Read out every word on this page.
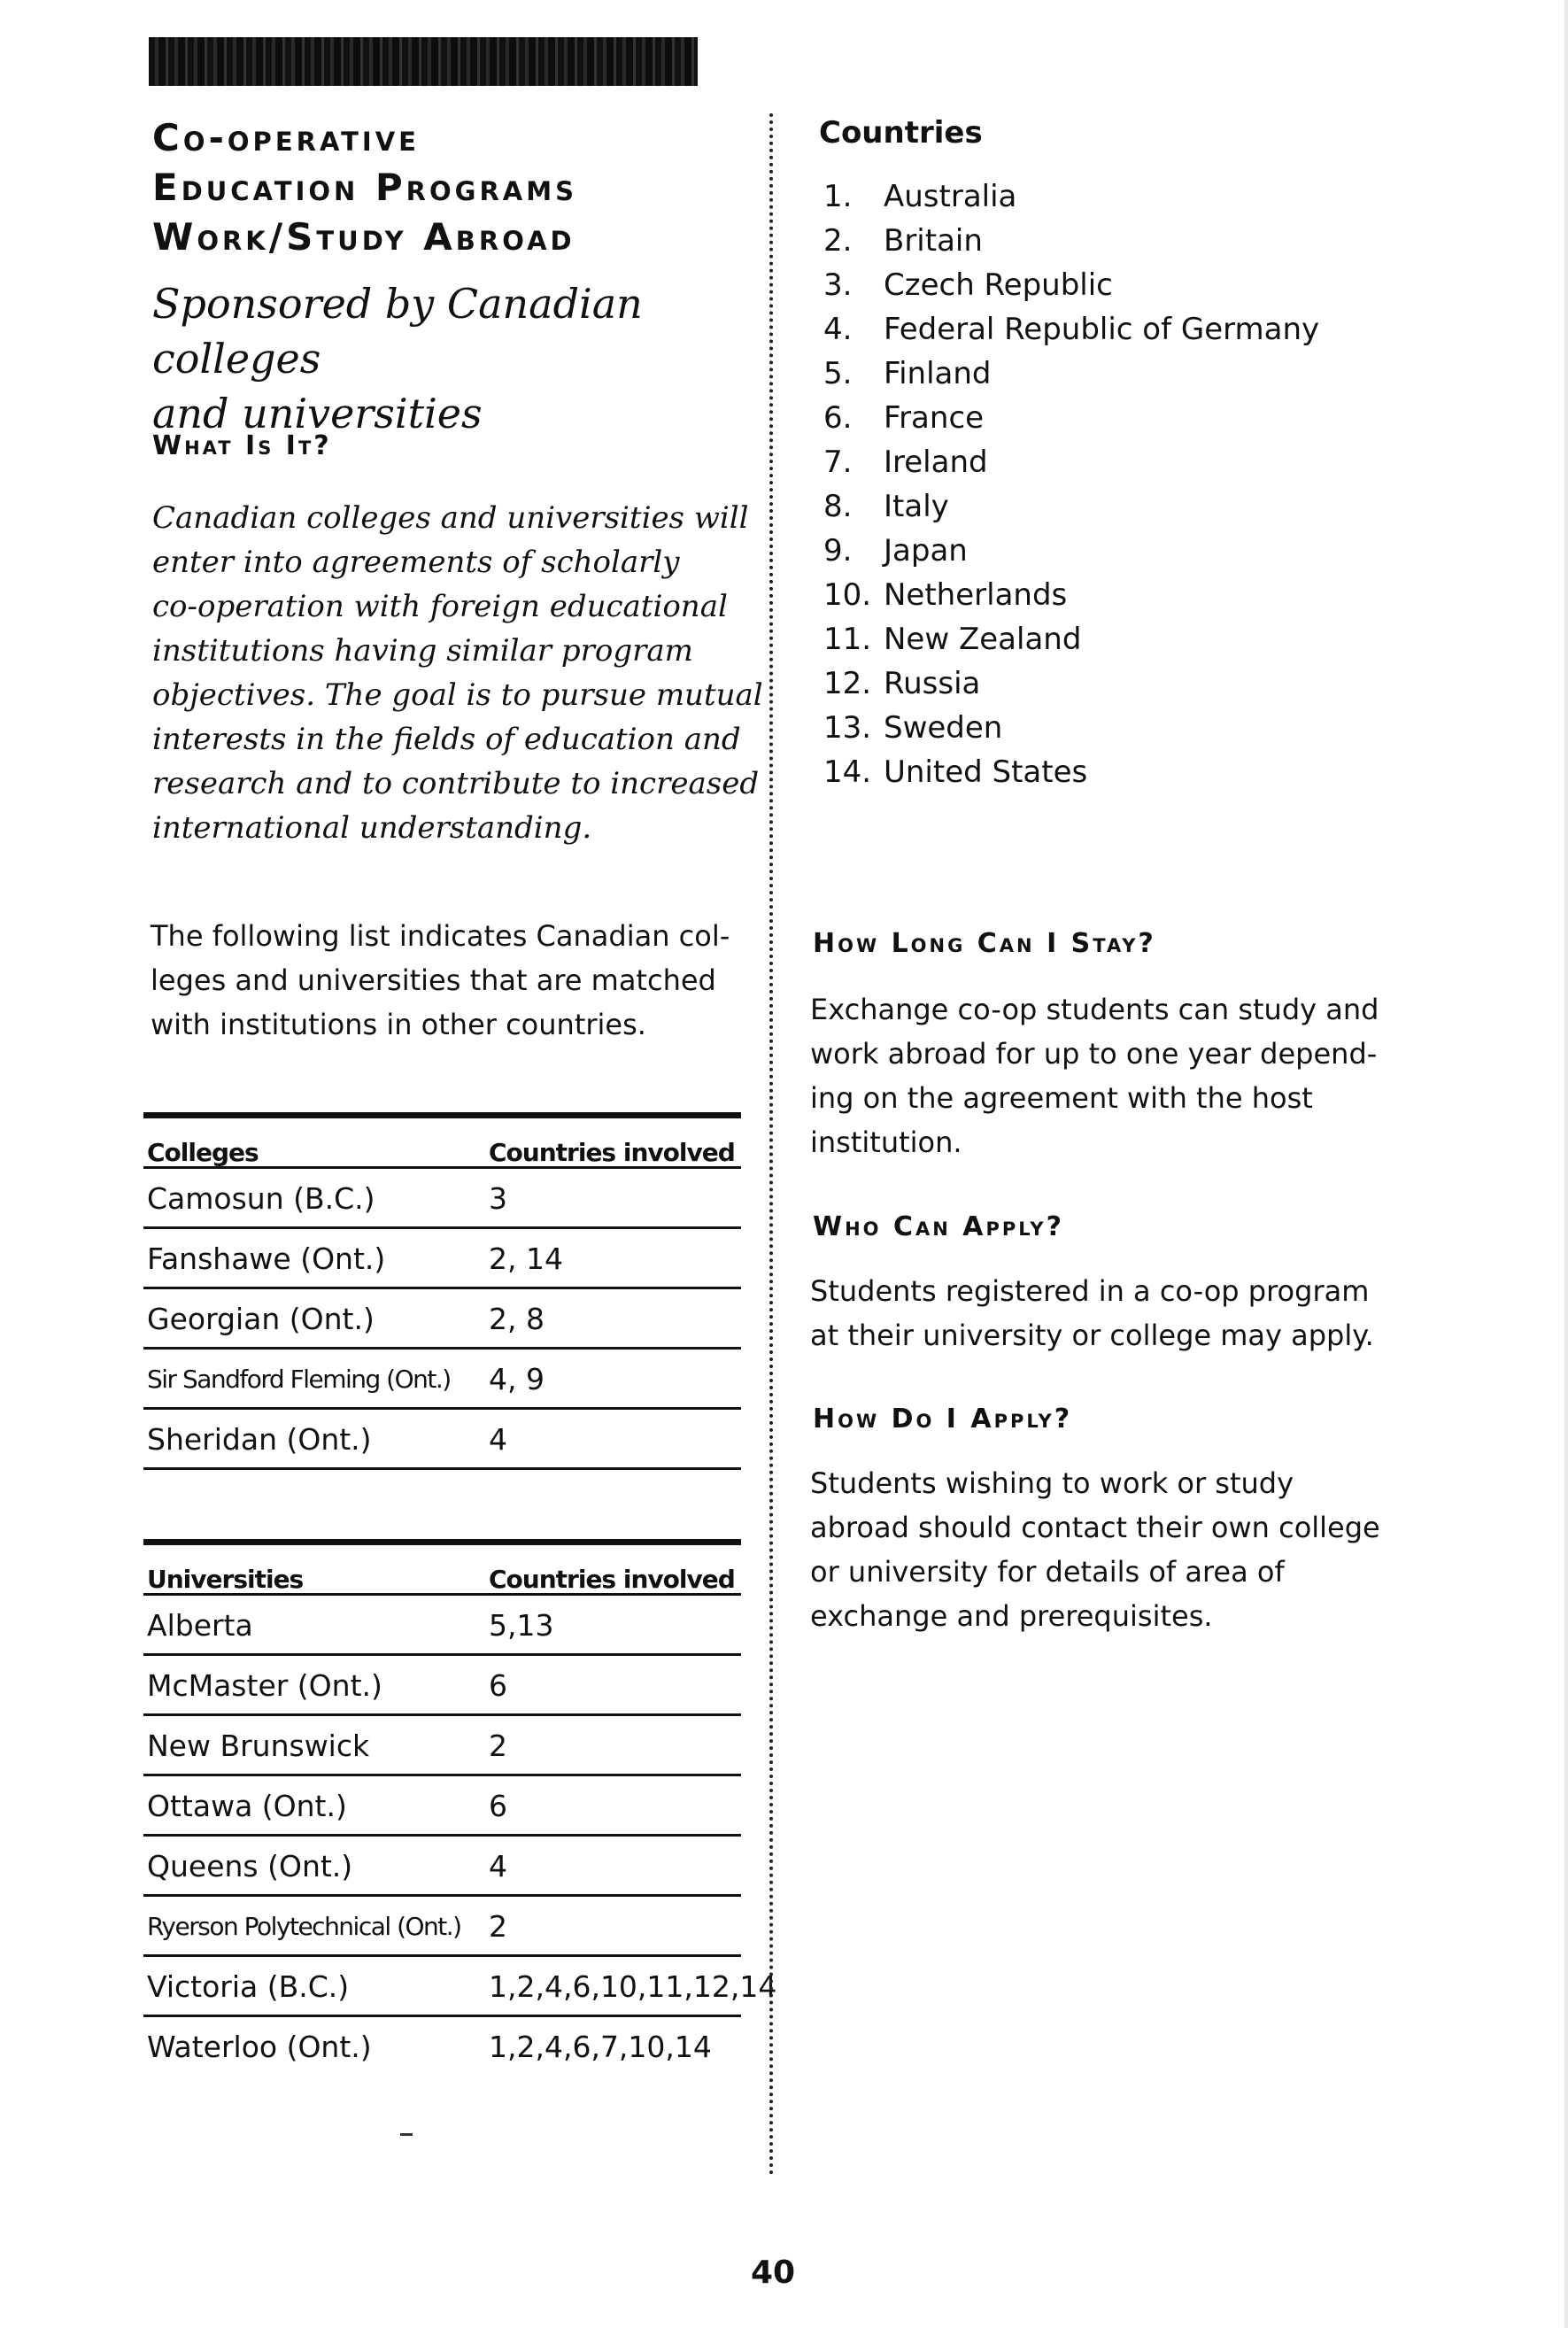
Co-operative
Education Programs
Work/Study Abroad
Sponsored by Canadian colleges
and universities
What Is It?
Canadian colleges and universities will
enter into agreements of scholarly
co-operation with foreign educational
institutions having similar program
objectives. The goal is to pursue mutual
interests in the fields of education and
research and to contribute to increased
international understanding.
The following list indicates Canadian col-
leges and universities that are matched
with institutions in other countries.
Colleges	Countries involved
Camosun (B.C.)	3
Fanshawe (Ont.)	2, 14
Georgian (Ont.)	2, 8
Sir Sandford Fleming (Ont.) 4, 9
Sheridan (Ont.)	4
Universities	Countries involved
Alberta	5,13
McMaster (Ont.)	6
New Brunswick	2
Ottawa (Ont.)	6
Queens (Ont.)	4
Ryerson Polytechnical (Ont.) 2
Victoria (B.C.)	1,2,4,6,10,11,12,14
Waterloo (Ont.)	1,2,4,6,7,10,14
Countries
1.	Australia
2.	Britain
3.	Czech Republic
4.	Federal Republic of Germany
5.	Finland
6.	France
7.	Ireland
8.	Italy
9.	Japan
10. Netherlands
11. New Zealand
12. Russia
13. Sweden
14. United States
How Long Can I Stay?
Exchange co-op students can study and
work abroad for up to one year depend-
ing on the agreement with the host
institution.
Who Can Apply?
Students registered in a co-op program
at their university or college may apply.
How Do I Apply?
Students wishing to work or study
abroad should contact their own college
or university for details of area of
exchange and prerequisites.
40
